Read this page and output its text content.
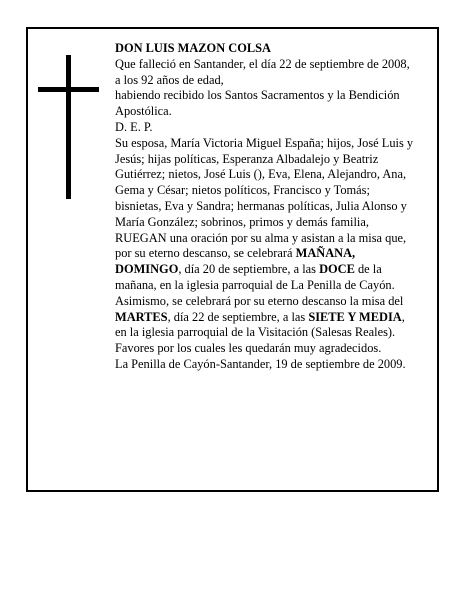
DON LUIS MAZON COLSA

Que falleció en Santander, el día 22 de septiembre de 2008, a los 92 años de edad,

habiendo recibido los Santos Sacramentos y la Bendición Apostólica.

D. E. P.

Su esposa, María Victoria Miguel España; hijos, José Luis y Jesús; hijas políticas, Esperanza Albadalejo y Beatriz Gutiérrez; nietos, José Luis (), Eva, Elena, Alejandro, Ana, Gema y César; nietos políticos, Francisco y Tomás; bisnietas, Eva y Sandra; hermanas políticas, Julia Alonso y María González; sobrinos, primos y demás familia,

RUEGAN una oración por su alma y asistan a la misa que, por su eterno descanso, se celebrará MAÑANA, DOMINGO, día 20 de septiembre, a las DOCE de la mañana, en la iglesia parroquial de La Penilla de Cayón. Asimismo, se celebrará por su eterno descanso la misa del MARTES, día 22 de septiembre, a las SIETE Y MEDIA, en la iglesia parroquial de la Visitación (Salesas Reales). Favores por los cuales les quedarán muy agradecidos.

La Penilla de Cayón-Santander, 19 de septiembre de 2009.
